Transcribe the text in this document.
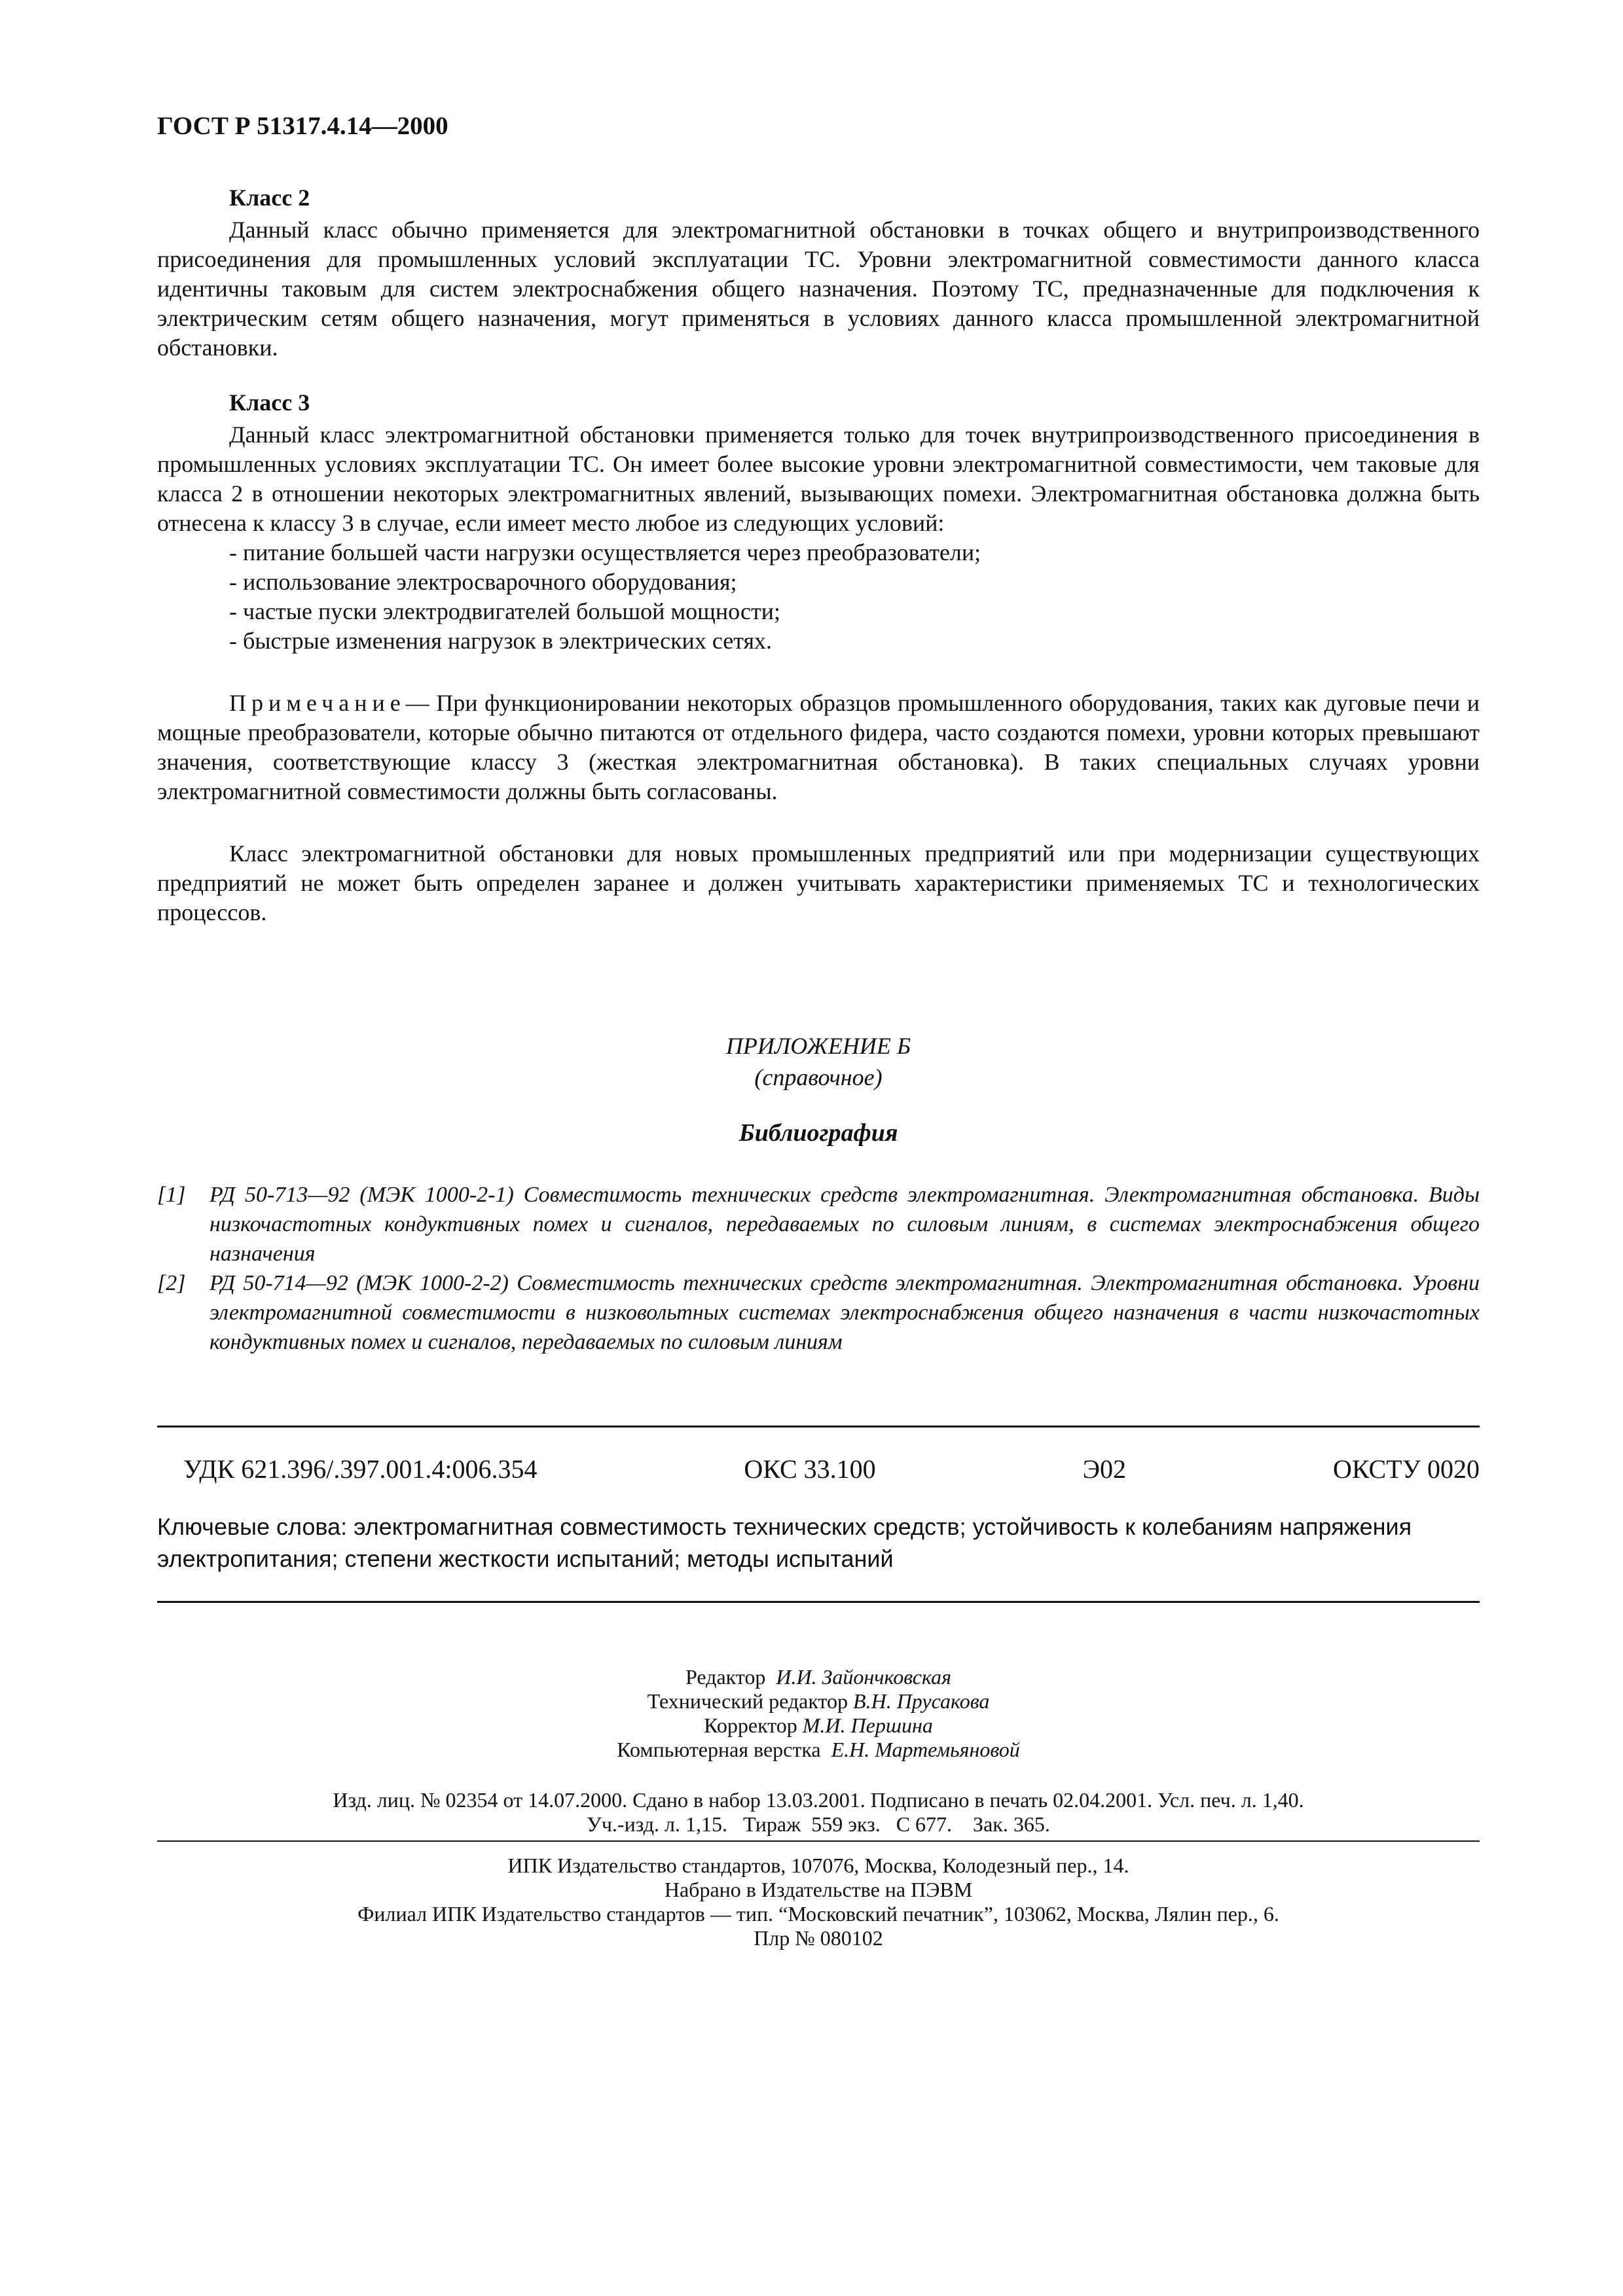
ГОСТ Р 51317.4.14—2000
Класс 2

Данный класс обычно применяется для электромагнитной обстановки в точках общего и внутрипроизводственного присоединения для промышленных условий эксплуатации ТС. Уровни электромагнитной совместимости данного класса идентичны таковым для систем электроснабжения общего назначения. Поэтому ТС, предназначенные для подключения к электрическим сетям общего назначения, могут применяться в условиях данного класса промышленной электромагнитной обстановки.

Класс 3

Данный класс электромагнитной обстановки применяется только для точек внутрипроизводственного присоединения в промышленных условиях эксплуатации ТС. Он имеет более высокие уровни электромагнитной совместимости, чем таковые для класса 2 в отношении некоторых электромагнитных явлений, вызывающих помехи. Электромагнитная обстановка должна быть отнесена к классу 3 в случае, если имеет место любое из следующих условий:

- питание большей части нагрузки осуществляется через преобразователи;
- использование электросварочного оборудования;
- частые пуски электродвигателей большой мощности;
- быстрые изменения нагрузок в электрических сетях.

Примечание— При функционировании некоторых образцов промышленного оборудования, таких как дуговые печи и мощные преобразователи, которые обычно питаются от отдельного фидера, часто создаются помехи, уровни которых превышают значения, соответствующие классу 3 (жесткая электромагнитная обстановка). В таких специальных случаях уровни электромагнитной совместимости должны быть согласованы.

Класс электромагнитной обстановки для новых промышленных предприятий или при модернизации существующих предприятий не может быть определен заранее и должен учитывать характеристики применяемых ТС и технологических процессов.

ПРИЛОЖЕНИЕ Б
(справочное)
Библиография
[1] РД 50-713—92 (МЭК 1000-2-1) Совместимость технических средств электромагнитная. Электромагнитная обстановка. Виды низкочастотных кондуктивных помех и сигналов, передаваемых по силовым линиям, в системах электроснабжения общего назначения
[2] РД 50-714—92 (МЭК 1000-2-2) Совместимость технических средств электромагнитная. Электромагнитная обстановка. Уровни электромагнитной совместимости в низковольтных системах электроснабжения общего назначения в части низкочастотных кондуктивных помех и сигналов, передаваемых по силовым линиям
УДК 621.396/.397.001.4:006.354	ОКС 33.100	Э02	ОКСТУ 0020
Ключевые слова: электромагнитная совместимость технических средств; устойчивость к колебаниям напряжения электропитания; степени жесткости испытаний; методы испытаний
Редактор И.И. Зайончковская
Технический редактор В.Н. Прусакова
Корректор М.И. Першина
Компьютерная верстка Е.Н. Мартемьяновой
Изд. лиц. № 02354 от 14.07.2000. Сдано в набор 13.03.2001. Подписано в печать 02.04.2001. Усл. печ. л. 1,40.
Уч.-изд. л. 1,15.   Тираж  559 экз.   С 677.    Зак. 365.
ИПК Издательство стандартов, 107076, Москва, Колодезный пер., 14.
Набрано в Издательстве на ПЭВМ
Филиал ИПК Издательство стандартов — тип. “Московский печатник”, 103062, Москва, Лялин пер., 6.
Плр № 080102
